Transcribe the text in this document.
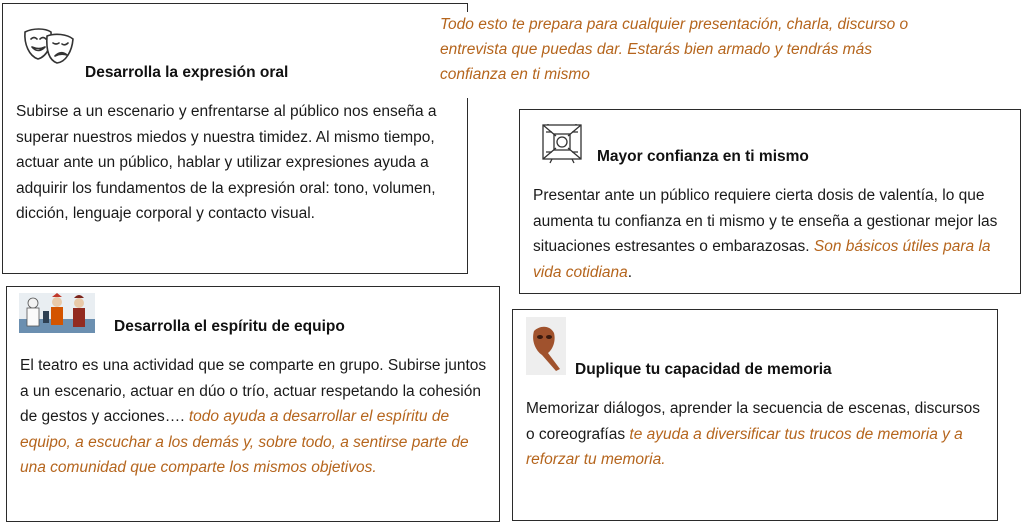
Desarrolla la expresión oral
Subirse a un escenario y enfrentarse al público nos enseña a superar nuestros miedos y nuestra timidez. Al mismo tiempo, actuar ante un público, hablar y utilizar expresiones ayuda a adquirir los fundamentos de la expresión oral: tono, volumen, dicción, lenguaje corporal y contacto visual.
Todo esto te prepara para cualquier presentación, charla, discurso o entrevista que puedas dar. Estarás bien armado y tendrás más confianza en ti mismo
Mayor confianza en ti mismo
Presentar ante un público requiere cierta dosis de valentía, lo que aumenta tu confianza en ti mismo y te enseña a gestionar mejor las situaciones estresantes o embarazosas. Son básicos útiles para la vida cotidiana.
Desarrolla el espíritu de equipo
El teatro es una actividad que se comparte en grupo. Subirse juntos a un escenario, actuar en dúo o trío, actuar respetando la cohesión de gestos y acciones…. todo ayuda a desarrollar el espíritu de equipo, a escuchar a los demás y, sobre todo, a sentirse parte de una comunidad que comparte los mismos objetivos.
Duplique tu capacidad de memoria
Memorizar diálogos, aprender la secuencia de escenas, discursos o coreografías te ayuda a diversificar tus trucos de memoria y a reforzar tu memoria.
